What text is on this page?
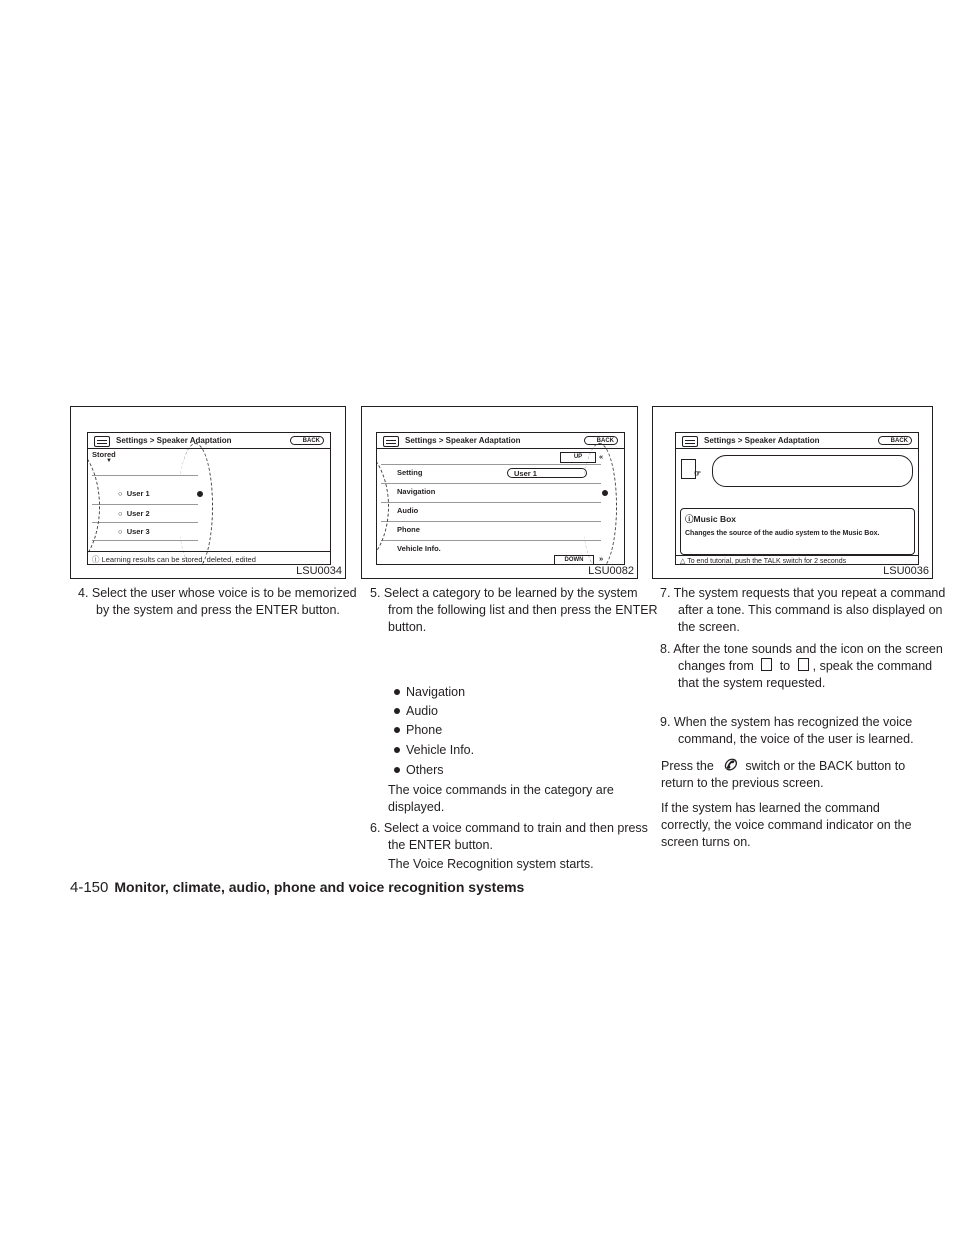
Settings > Speaker Adaptation	BACK
Stored
▼
○  User 1
○  User 2
○  User 3
ⓘ Learning results can be stored, deleted, edited
LSU0034
Settings > Speaker Adaptation	BACK
UP	«
Setting	User 1
Navigation
Audio
Phone
Vehicle Info.
DOWN	»
LSU0082
Settings > Speaker Adaptation	BACK
☞
ⓘMusic Box
Changes the source of the audio system to the Music Box.
△ To end tutorial, push the TALK switch for 2 seconds
LSU0036
4. Select the user whose voice is to be memorized by the system and press the ENTER button.
5. Select a category to be learned by the system from the following list and then press the ENTER button.
Navigation
Audio
Phone
Vehicle Info.
Others
The voice commands in the category are displayed.
6. Select a voice command to train and then press the ENTER button.
The Voice Recognition system starts.
7. The system requests that you repeat a command after a tone. This command is also displayed on the screen.
8. After the tone sounds and the icon on the screen changes from to , speak the command that the system requested.
9. When the system has recognized the voice command, the voice of the user is learned.
Press the ✆ switch or the BACK button to return to the previous screen.
If the system has learned the command correctly, the voice command indicator on the screen turns on.
4-150 Monitor, climate, audio, phone and voice recognition systems
